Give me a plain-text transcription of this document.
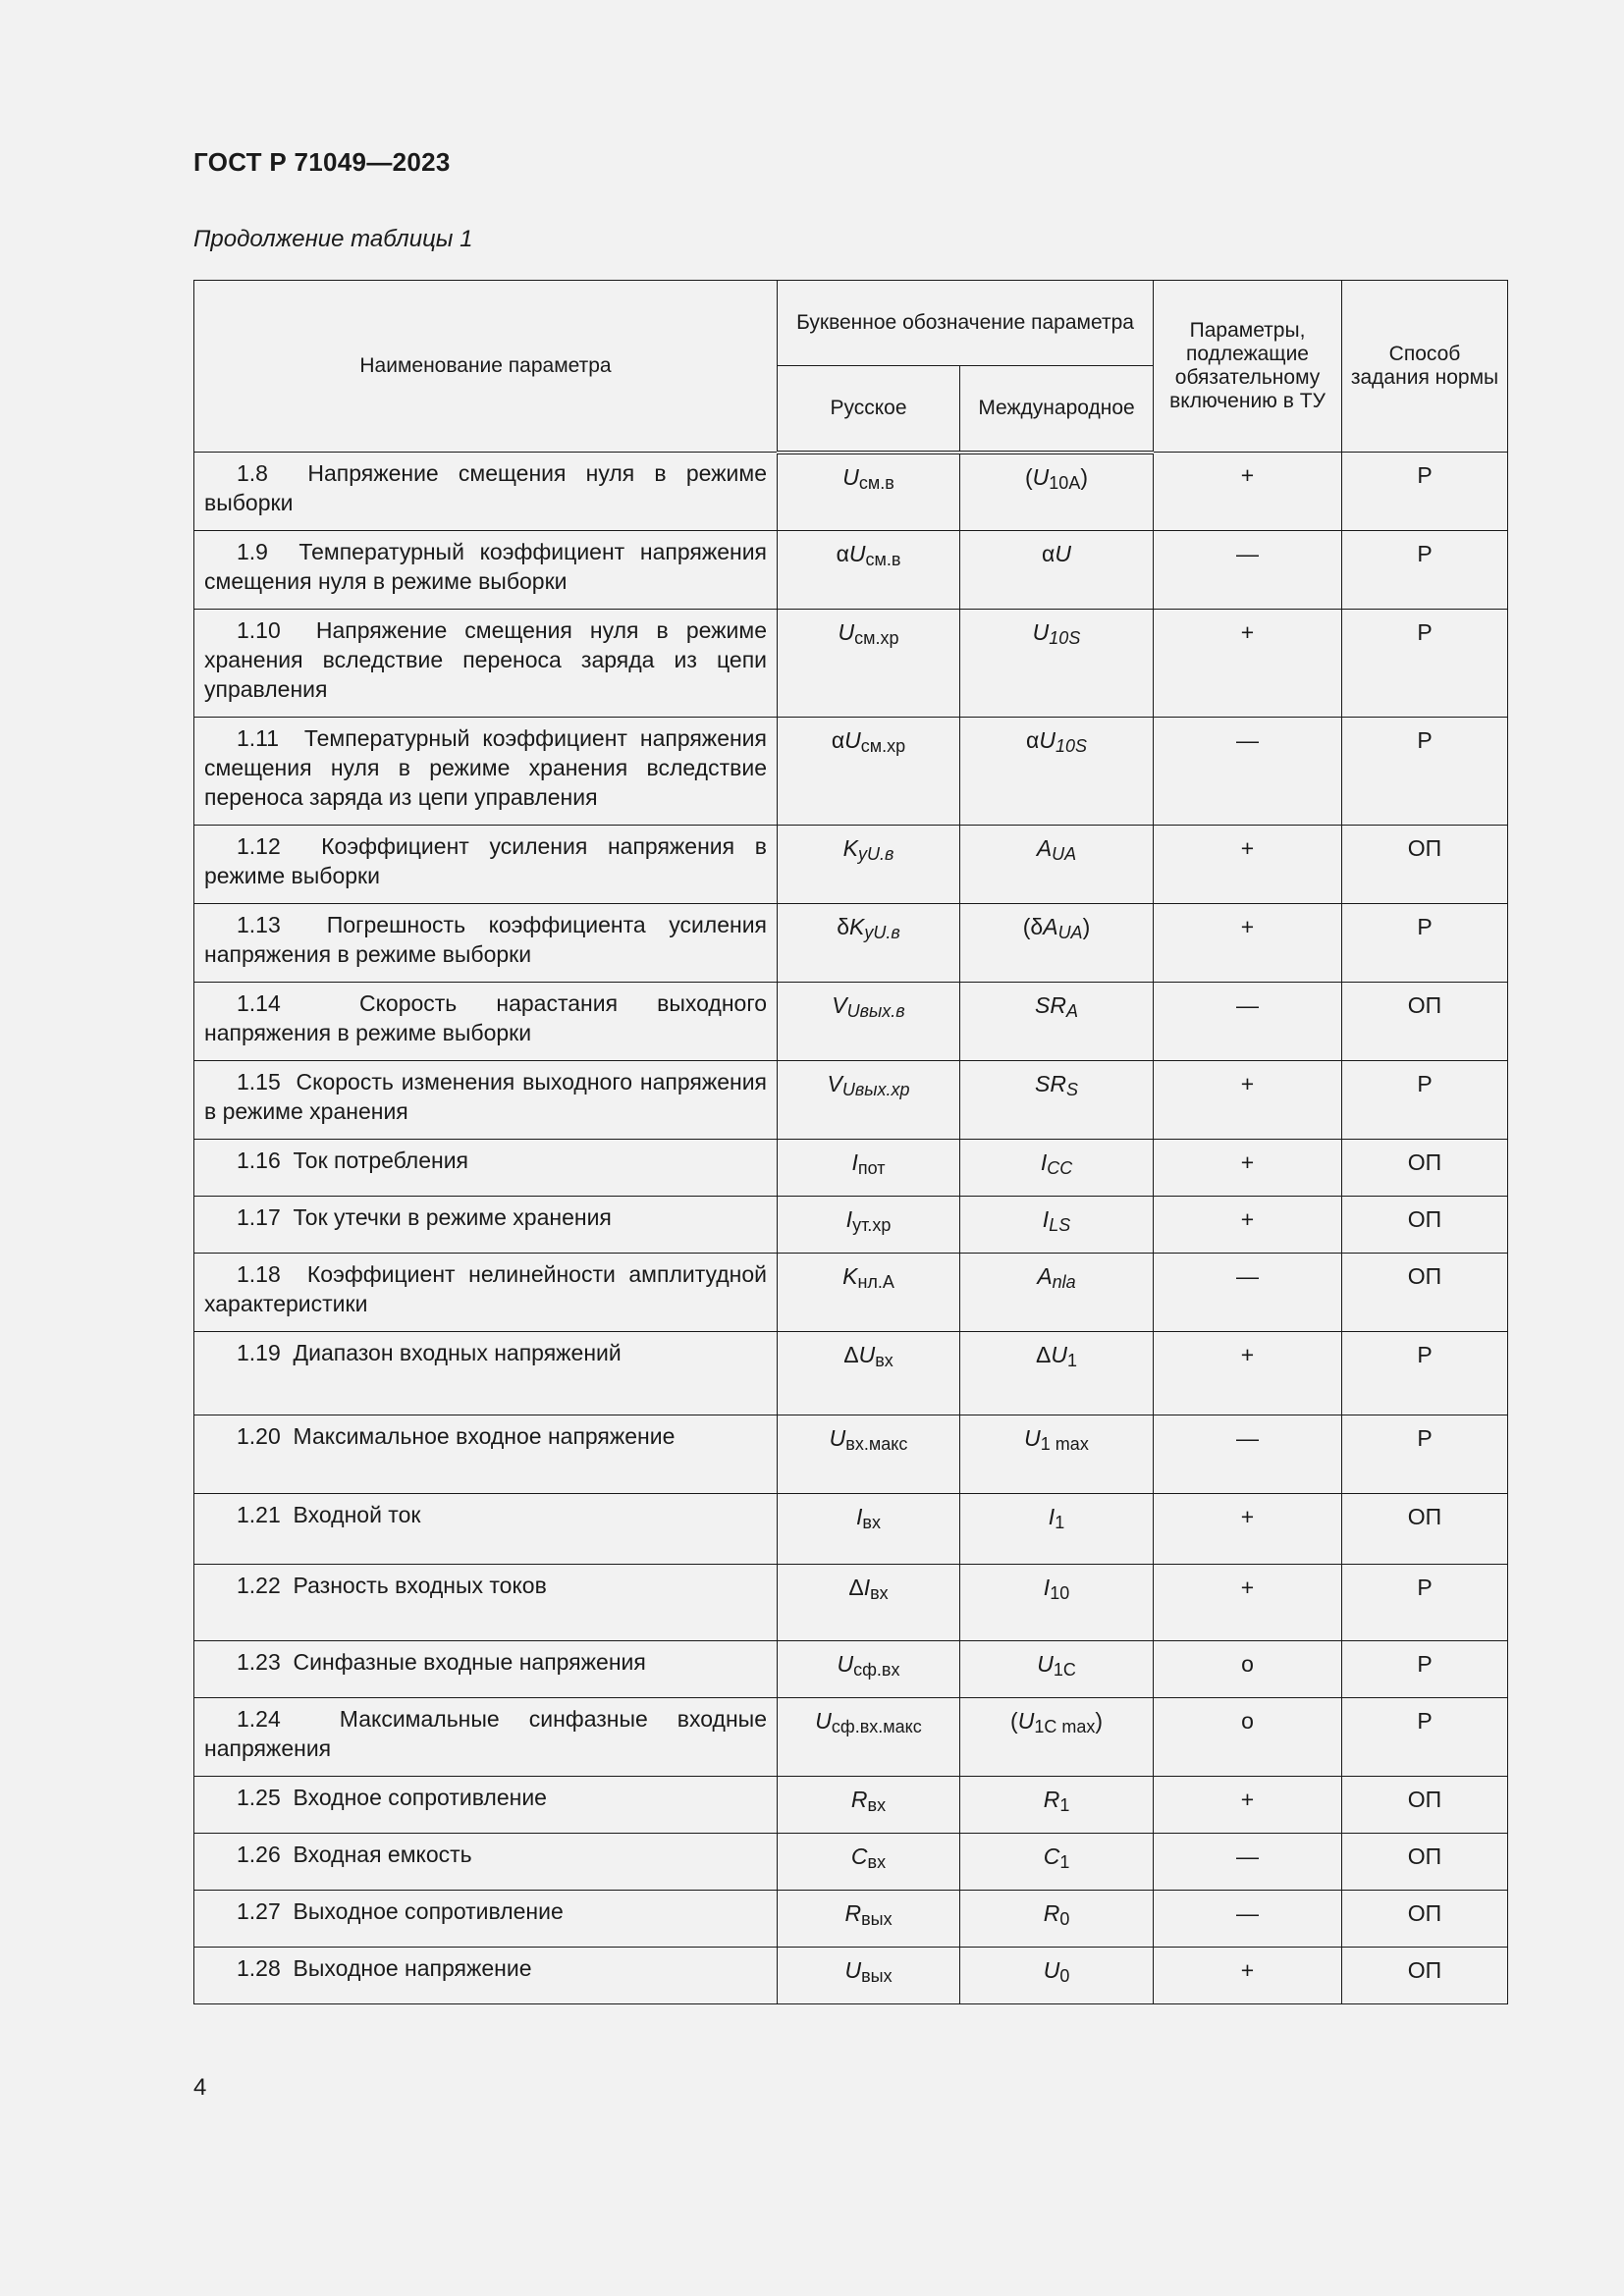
ГОСТ Р 71049—2023
Продолжение таблицы 1
Наименование параметра	Буквенное обозначение параметра		Параметры, подлежащие обязательному включению в ТУ	Способ задания нормы
	Русское	Международное		
1.8 Напряжение смещения нуля в режиме выборки	$U_{см.в}$	$(U_{10A})$	+	Р
1.9 Температурный коэффициент напряжения смещения нуля в режиме выборки	$\alpha U_{см.в}$	αU	—	Р
1.10 Напряжение смещения нуля в режиме хранения вследствие переноса заряда из цепи управления	$U_{см.хр}$	$U_{10S}$	+	Р
1.11 Температурный коэффициент напряжения смещения нуля в режиме хранения вследствие переноса заряда из цепи управления	$\alpha U_{см.хр}$	$\alpha U_{10S}$	—	Р
1.12 Коэффициент усиления напряжения в режиме выборки	$K_{уU.в}$	$A_{UA}$	+	ОП
1.13 Погрешность коэффициента усиления напряжения в режиме выборки	$\delta K_{уU.в}$	$(\delta A_{UA})$	+	Р
1.14 Скорость нарастания выходного напряжения в режиме выборки	$V_{Uвых.в}$	$SR_A$	—	ОП
1.15 Скорость изменения выходного напряжения в режиме хранения	$V_{Uвых.хр}$	$SR_S$	+	Р
1.16 Ток потребления	$I_{пот}$	$I_{CC}$	+	ОП
1.17 Ток утечки в режиме хранения	$I_{ут.хр}$	$I_{LS}$	+	ОП
1.18 Коэффициент нелинейности амплитудной характеристики	$K_{нл.А}$	$A_{nla}$	—	ОП
1.19 Диапазон входных напряжений	$\Delta U_{вх}$	$\Delta U_1$	+	Р
1.20 Максимальное входное напряжение	$U_{вх.макс}$	$U_{1 max}$	—	Р
1.21 Входной ток	$I_{вх}$	$I_1$	+	ОП
1.22 Разность входных токов	$\Delta I_{вх}$	$I_{10}$	+	Р
1.23 Синфазные входные напряжения	$U_{сф.вх}$	$U_{1C}$	о	Р
1.24 Максимальные синфазные входные напряжения	$U_{сф.вх.макс}$	$(U_{1C max})$	о	Р
1.25 Входное сопротивление	$R_{вх}$	$R_1$	+	ОП
1.26 Входная емкость	$C_{вх}$	$C_1$	—	ОП
1.27 Выходное сопротивление	$R_{вых}$	$R_0$	—	ОП
1.28 Выходное напряжение	$U_{вых}$	$U_0$	+	ОП
4
